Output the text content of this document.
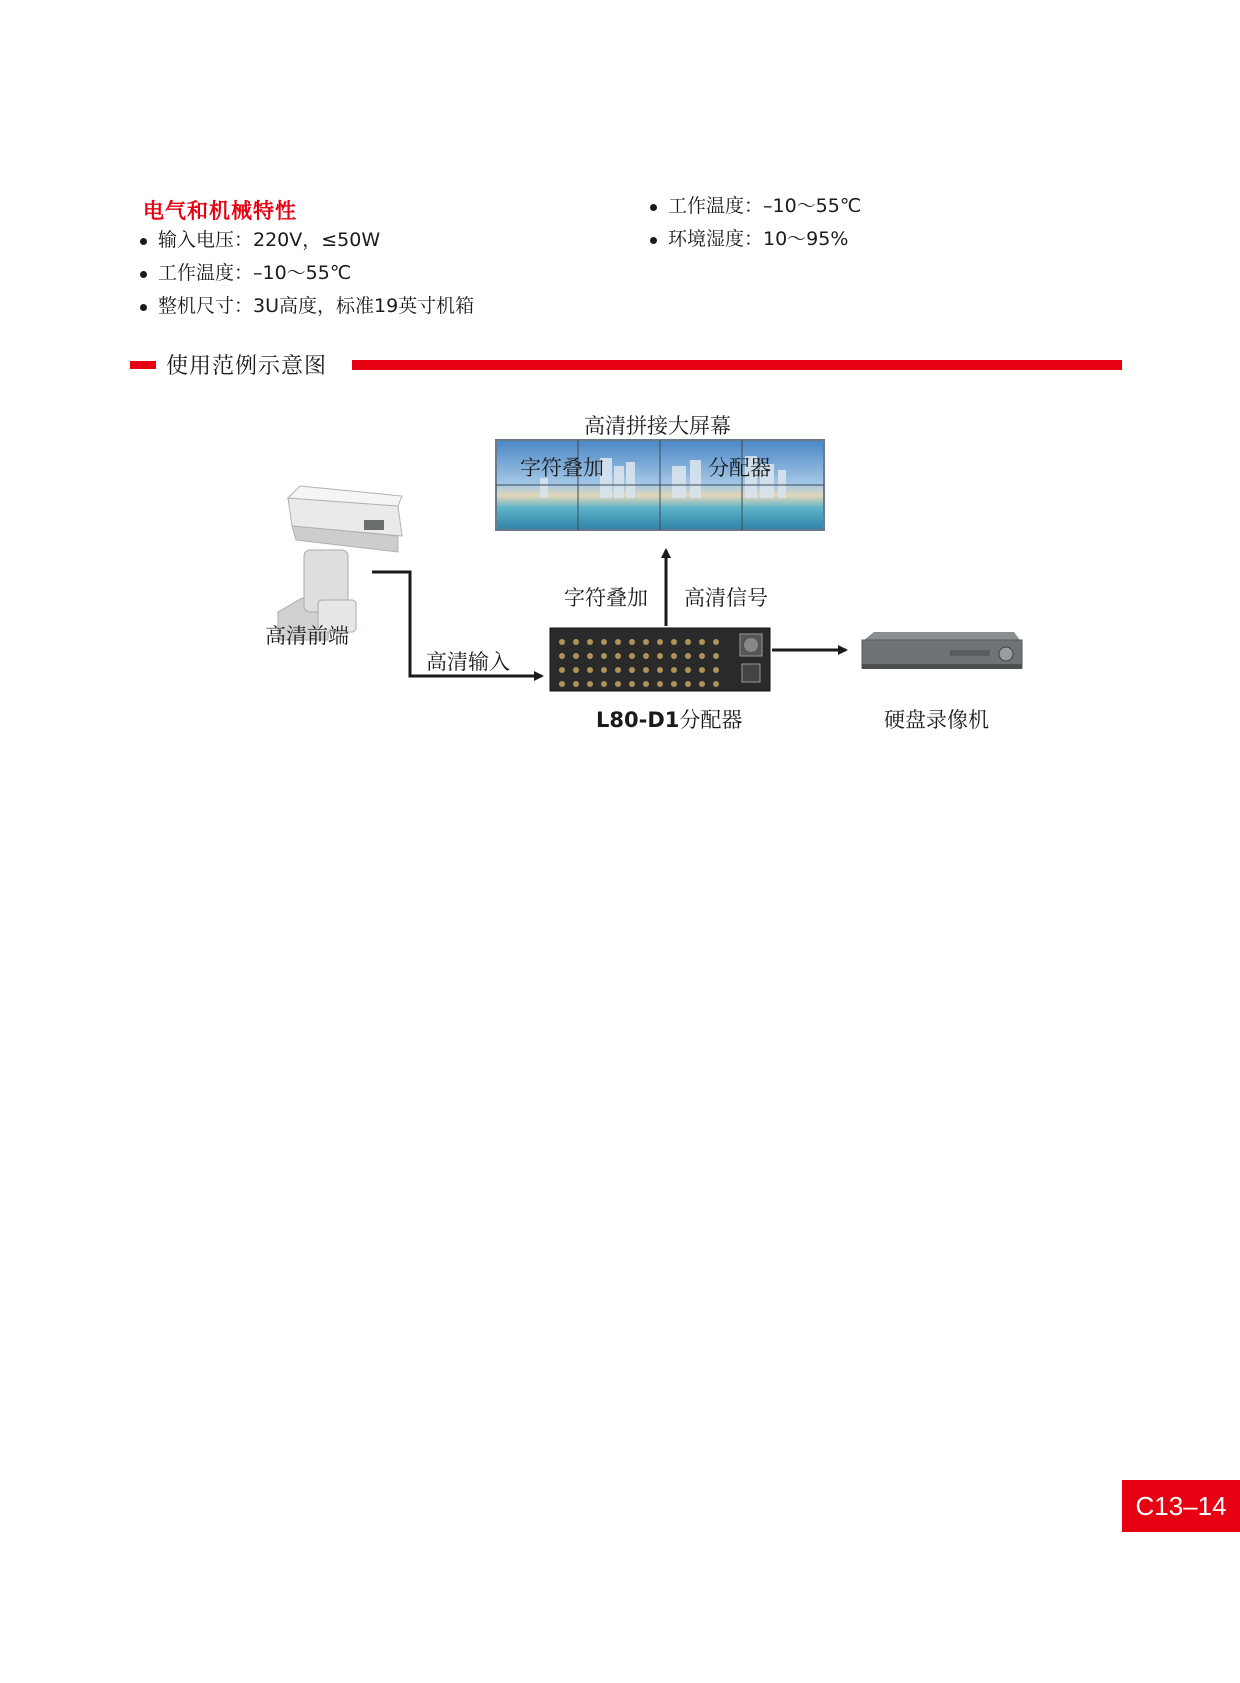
电气和机械特性
输入电压：220V，≤50W
工作温度：–10～55℃
整机尺寸：3U高度，标准19英寸机箱
工作温度：–10～55℃
环境湿度：10～95%
使用范例示意图
高清拼接大屏幕
字符叠加	分配器
高清前端
高清输入
字符叠加 高清信号
L80-D1分配器	硬盘录像机
C13–14
